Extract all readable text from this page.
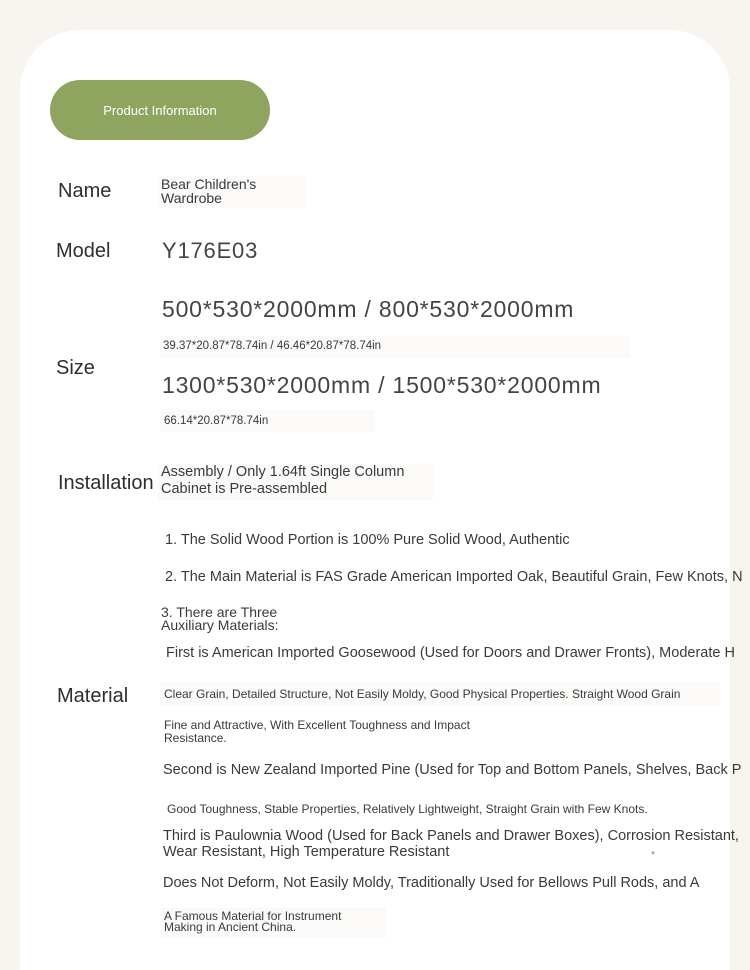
Product Information
Name	Bear Children's Wardrobe
Model Y176E03
Size
500*530*2000mm / 800*530*2000mm
39.37*20.87*78.74in / 46.46*20.87*78.74in
1300*530*2000mm / 1500*530*2000mm
66.14*20.87*78.74in
Installation Assembly / Only 1.64ft Single Column Cabinet is Pre-assembled
Material
1. The Solid Wood Portion is 100% Pure Solid Wood, Authentic
2. The Main Material is FAS Grade American Imported Oak, Beautiful Grain, Few Knots, N
3. There are Three Auxiliary Materials:
First is American Imported Goosewood (Used for Doors and Drawer Fronts), Moderate H
Clear Grain, Detailed Structure, Not Easily Moldy, Good Physical Properties. Straight Wood Grain
Fine and Attractive, With Excellent Toughness and Impact Resistance.
Second is New Zealand Imported Pine (Used for Top and Bottom Panels, Shelves, Back P
Good Toughness, Stable Properties, Relatively Lightweight, Straight Grain with Few Knots.
Third is Paulownia Wood (Used for Back Panels and Drawer Boxes), Corrosion Resistant, Wear Resistant, High Temperature Resistant	▼
Does Not Deform, Not Easily Moldy, Traditionally Used for Bellows Pull Rods, and A
A Famous Material for Instrument Making in Ancient China.
